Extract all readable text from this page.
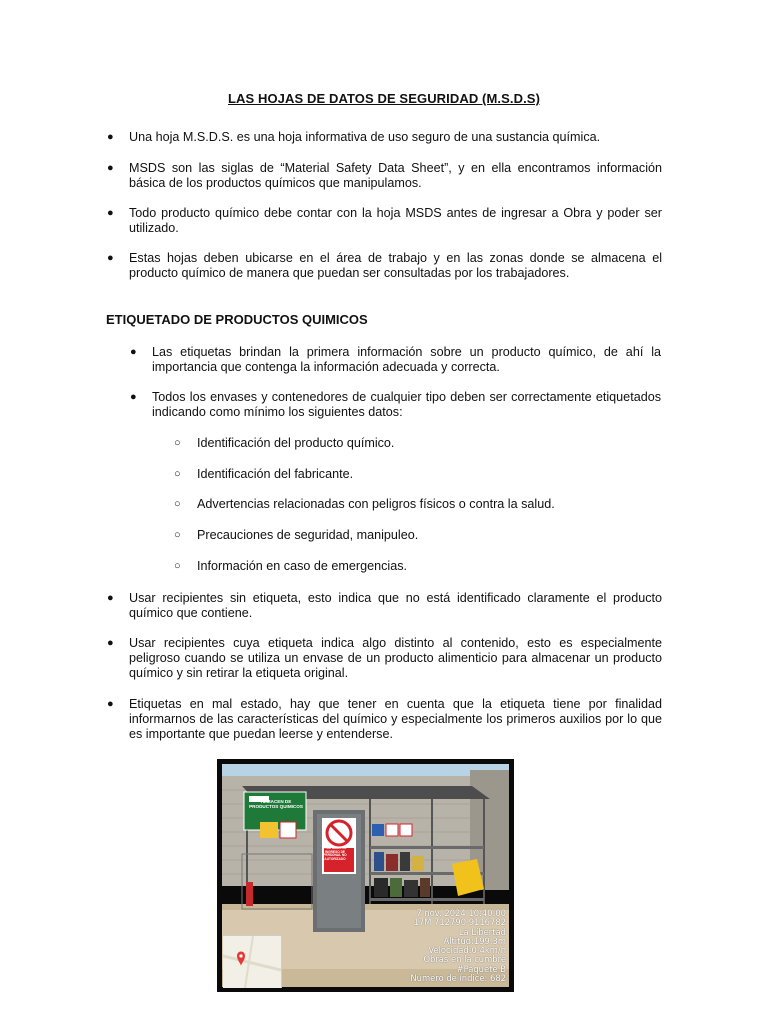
LAS HOJAS DE DATOS DE SEGURIDAD (M.S.D.S)
● Una hoja M.S.D.S. es una hoja informativa de uso seguro de una sustancia química.
● MSDS son las siglas de “Material Safety Data Sheet”, y en ella encontramos información básica de los productos químicos que manipulamos.
● Todo producto químico debe contar con la hoja MSDS antes de ingresar a Obra y poder ser utilizado.
● Estas hojas deben ubicarse en el área de trabajo y en las zonas donde se almacena el producto químico de manera que puedan ser consultadas por los trabajadores.
ETIQUETADO DE PRODUCTOS QUIMICOS
● Las etiquetas brindan la primera información sobre un producto químico, de ahí la importancia que contenga la información adecuada y correcta.
● Todos los envases y contenedores de cualquier tipo deben ser correctamente etiquetados indicando como mínimo los siguientes datos:
○ Identificación del producto químico.
○ Identificación del fabricante.
○ Advertencias relacionadas con peligros físicos o contra la salud.
○ Precauciones de seguridad, manipuleo.
○ Información en caso de emergencias.
● Usar recipientes sin etiqueta, esto indica que no está identificado claramente el producto químico que contiene.
● Usar recipientes cuya etiqueta indica algo distinto al contenido, esto es especialmente peligroso cuando se utiliza un envase de un producto alimenticio para almacenar un producto químico y sin retirar la etiqueta original.
● Etiquetas en mal estado, hay que tener en cuenta que la etiqueta tiene por finalidad informarnos de las características del químico y especialmente los primeros auxilios por lo que es importante que puedan leerse y entenderse.
ALMACEN DE PRODUCTOS QUIMICOS
PROHIBIDO EL INGRESO DE PERSONAL NO AUTORIZADO
7 nov. 2024 10:40:00
17M 712790 9116782
La Libertad
Altitud:199.3m
Velocidad:0.4km/h
Obras en la cumbre
#Paquete B
Número de índice: 682
